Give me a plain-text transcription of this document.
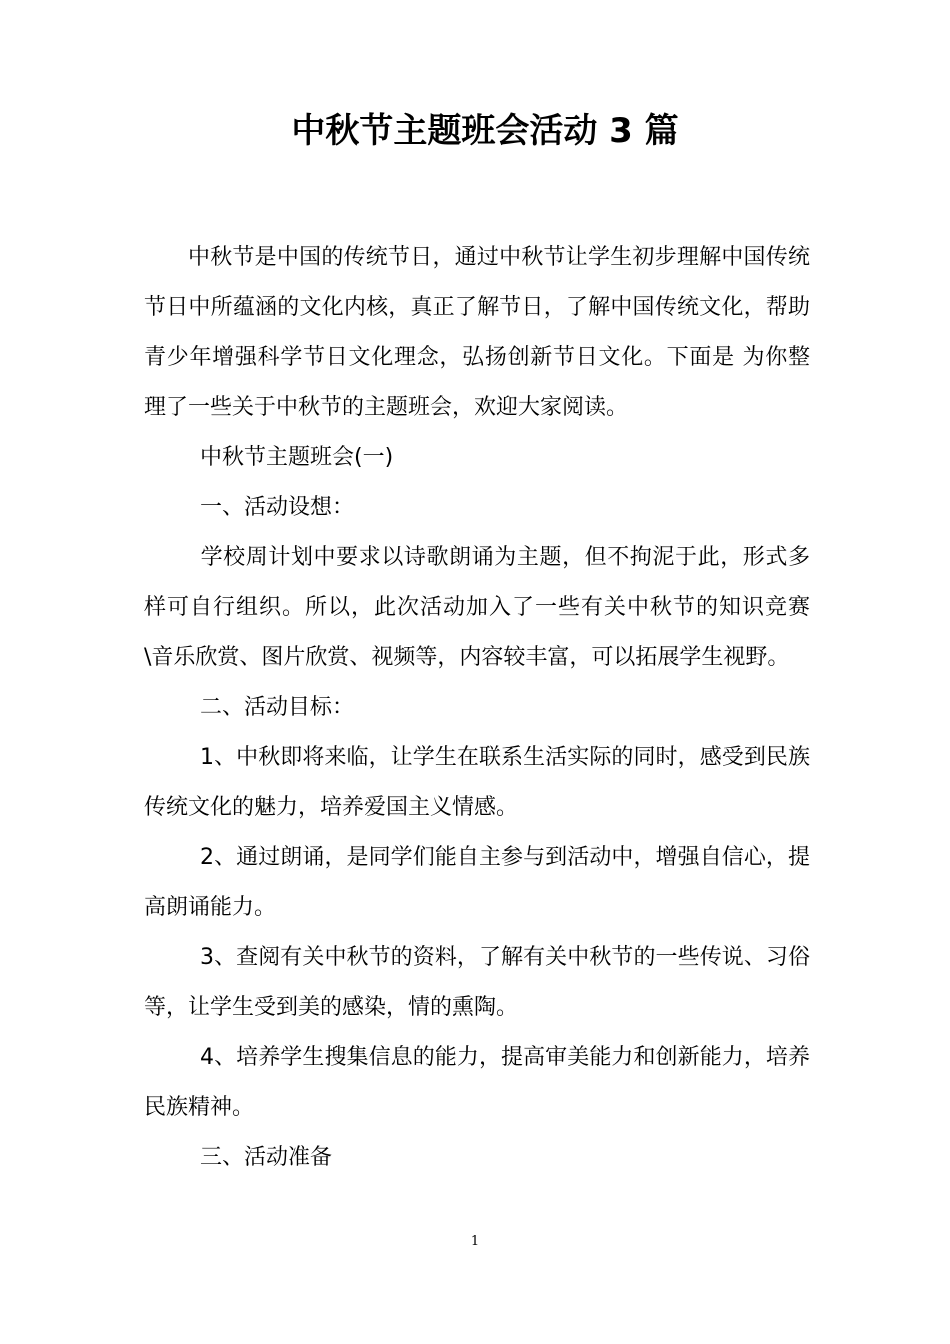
中秋节主题班会活动 3 篇

中秋节是中国的传统节日，通过中秋节让学生初步理解中国传统节日中所蕴涵的文化内核，真正了解节日，了解中国传统文化，帮助青少年增强科学节日文化理念，弘扬创新节日文化。下面是 为你整理了一些关于中秋节的主题班会，欢迎大家阅读。

中秋节主题班会(一)

一、活动设想：

学校周计划中要求以诗歌朗诵为主题，但不拘泥于此，形式多样可自行组织。所以，此次活动加入了一些有关中秋节的知识竞赛\音乐欣赏、图片欣赏、视频等，内容较丰富，可以拓展学生视野。

二、活动目标：

1、中秋即将来临，让学生在联系生活实际的同时，感受到民族传统文化的魅力，培养爱国主义情感。

2、通过朗诵，是同学们能自主参与到活动中，增强自信心，提高朗诵能力。

3、查阅有关中秋节的资料，了解有关中秋节的一些传说、习俗等，让学生受到美的感染，情的熏陶。

4、培养学生搜集信息的能力，提高审美能力和创新能力，培养民族精神。

三、活动准备

1
